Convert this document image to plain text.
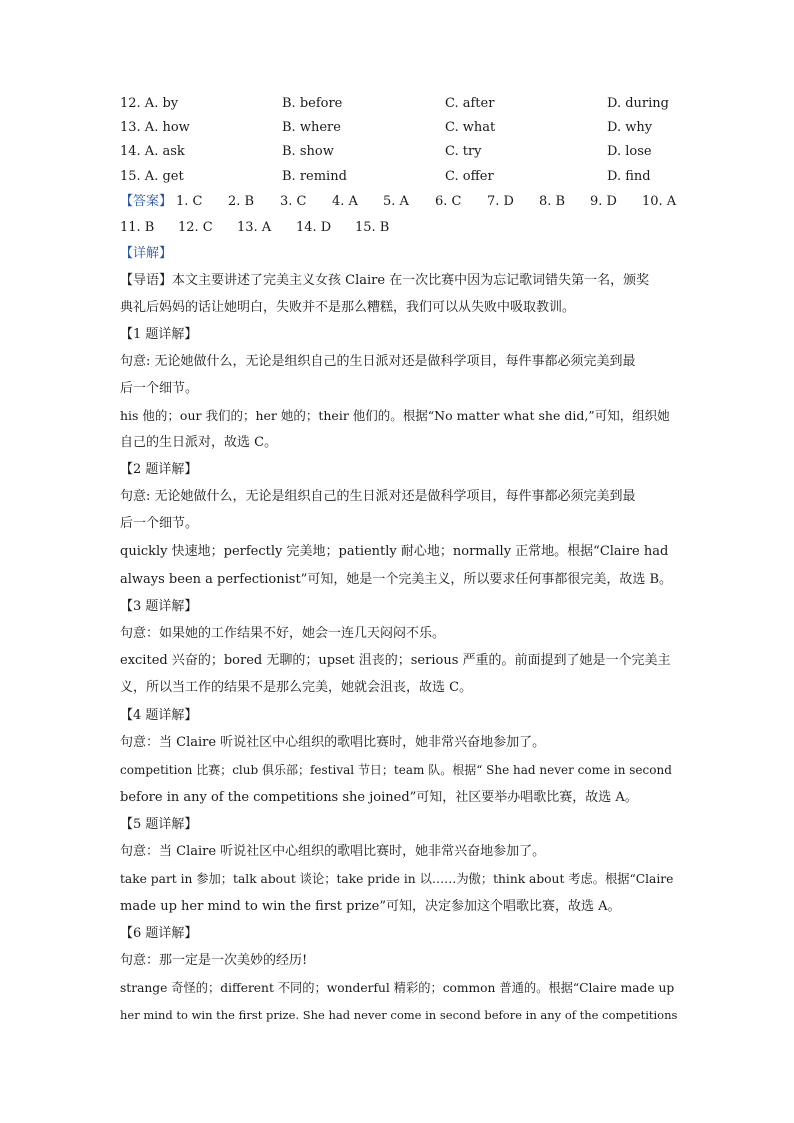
12. A. by	B. before	C. after	D. during
13. A. how	B. where	C. what	D. why
14. A. ask	B. show	C. try	D. lose
15. A. get	B. remind	C. offer	D. find
【答案】 1. C 2. B 3. C 4. A 5. A 6. C 7. D 8. B 9. D 10. A
11. B 12. C 13. A 14. D 15. B
【详解】
【导语】本文主要讲述了完美主义女孩 Claire 在一次比赛中因为忘记歌词错失第一名，颁奖
典礼后妈妈的话让她明白，失败并不是那么糟糕，我们可以从失败中吸取教训。
【1 题详解】
句意: 无论她做什么，无论是组织自己的生日派对还是做科学项目，每件事都必须完美到最
后一个细节。
his 他的；our 我们的；her 她的；their 他们的。根据“No matter what she did,”可知，组织她
自己的生日派对，故选 C。
【2 题详解】
句意: 无论她做什么，无论是组织自己的生日派对还是做科学项目，每件事都必须完美到最
后一个细节。
quickly 快速地；perfectly 完美地；patiently 耐心地；normally 正常地。根据“Claire had
always been a perfectionist”可知，她是一个完美主义，所以要求任何事都很完美，故选 B。
【3 题详解】
句意：如果她的工作结果不好，她会一连几天闷闷不乐。
excited 兴奋的；bored 无聊的；upset 沮丧的；serious 严重的。前面提到了她是一个完美主
义，所以当工作的结果不是那么完美，她就会沮丧，故选 C。
【4 题详解】
句意：当 Claire 听说社区中心组织的歌唱比赛时，她非常兴奋地参加了。
competition 比赛；club 俱乐部；festival 节日；team 队。根据“ She had never come in second
before in any of the competitions she joined”可知，社区要举办唱歌比赛，故选 A。
【5 题详解】
句意：当 Claire 听说社区中心组织的歌唱比赛时，她非常兴奋地参加了。
take part in 参加；talk about 谈论；take pride in 以……为傲；think about 考虑。根据“Claire
made up her mind to win the first prize”可知，决定参加这个唱歌比赛，故选 A。
【6 题详解】
句意：那一定是一次美妙的经历!
strange 奇怪的；different 不同的；wonderful 精彩的；common 普通的。根据“Claire made up
her mind to win the first prize. She had never come in second before in any of the competitions
